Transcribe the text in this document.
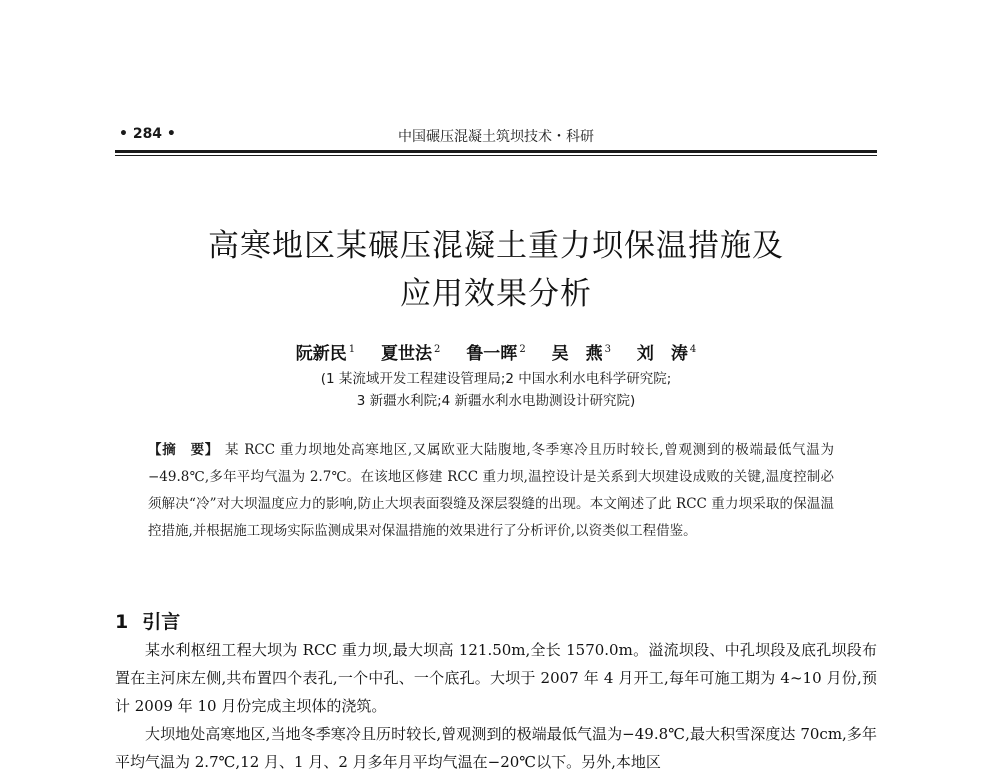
• 284 •	中国碾压混凝土筑坝技术・科研
高寒地区某碾压混凝土重力坝保温措施及
应用效果分析
阮新民 $^1$ 夏世法 $^2$ 鲁一晖 $^2$ 吴　燕 $^3$ 刘　涛 $^4$
(1 某流域开发工程建设管理局;2 中国水利水电科学研究院;
3 新疆水利院;4 新疆水利水电勘测设计研究院)
【摘　要】 某 RCC 重力坝地处高寒地区,又属欧亚大陆腹地,冬季寒冷且历时较长,曾观测到的极端最低气温为−49.8℃,多年平均气温为 2.7℃。在该地区修建 RCC 重力坝,温控设计是关系到大坝建设成败的关键,温度控制必须解决“冷”对大坝温度应力的影响,防止大坝表面裂缝及深层裂缝的出现。本文阐述了此 RCC 重力坝采取的保温温控措施,并根据施工现场实际监测成果对保温措施的效果进行了分析评价,以资类似工程借鉴。
1 引言

某水利枢纽工程大坝为 RCC 重力坝,最大坝高 121.50m,全长 1570.0m。溢流坝段、中孔坝段及底孔坝段布置在主河床左侧,共布置四个表孔,一个中孔、一个底孔。大坝于 2007 年 4 月开工,每年可施工期为 4~10 月份,预计 2009 年 10 月份完成主坝体的浇筑。

大坝地处高寒地区,当地冬季寒冷且历时较长,曾观测到的极端最低气温为−49.8℃,最大积雪深度达 70cm,多年平均气温为 2.7℃,12 月、1 月、2 月多年月平均气温在−20℃以下。另外,本地区
